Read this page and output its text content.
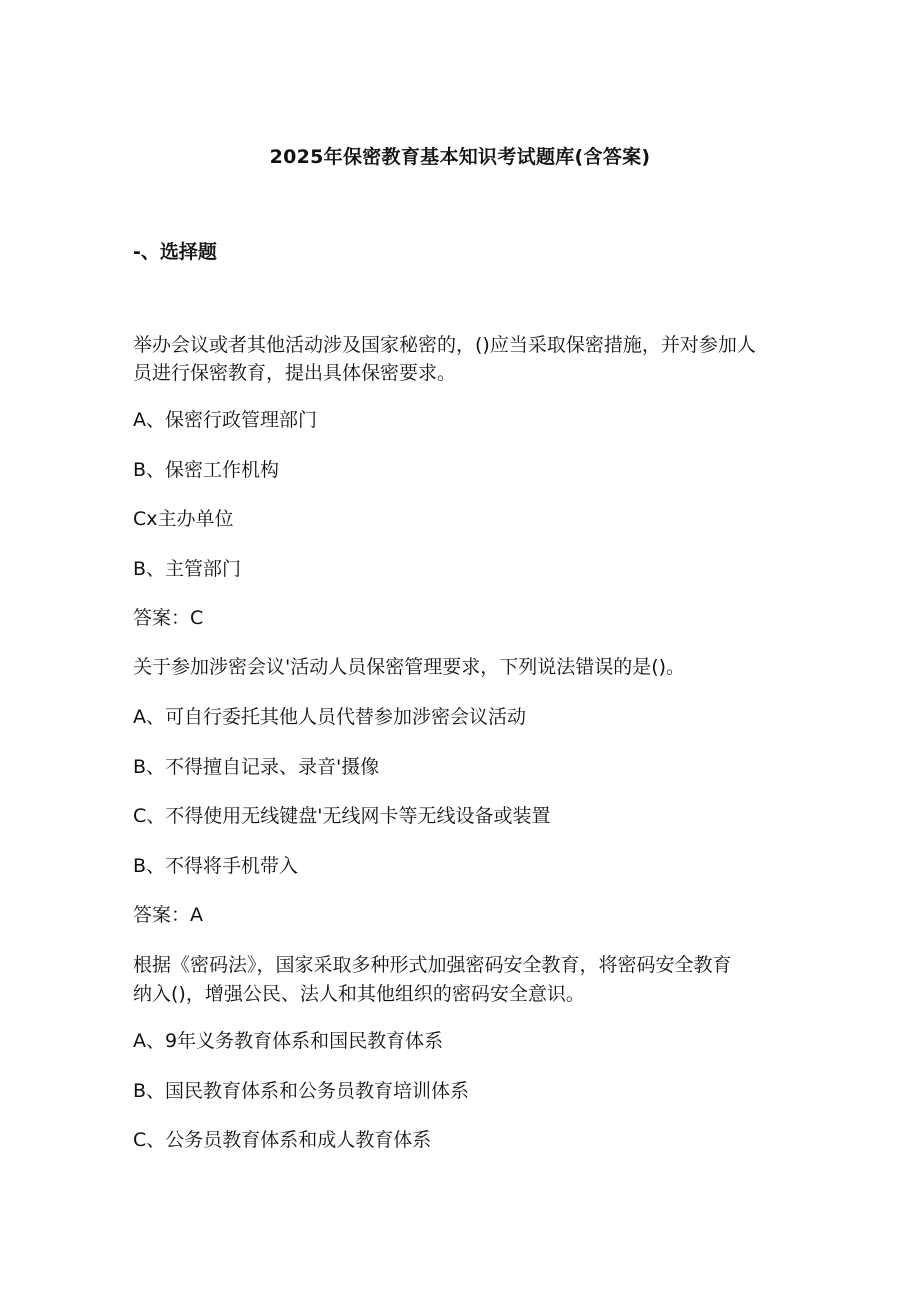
2025年保密教育基本知识考试题库(含答案)
-、选择题
举办会议或者其他活动涉及国家秘密的，()应当采取保密措施，并对参加人
员进行保密教育，提出具体保密要求。
A、保密行政管理部门
B、保密工作机构
Cx主办单位
B、主管部门
答案：C
关于参加涉密会议'活动人员保密管理要求，下列说法错误的是()。
A、可自行委托其他人员代替参加涉密会议活动
B、不得擅自记录、录音'摄像
C、不得使用无线键盘'无线网卡等无线设备或装置
B、不得将手机带入
答案：A
根据《密码法》，国家采取多种形式加强密码安全教育，将密码安全教育
纳入()，增强公民、法人和其他组织的密码安全意识。
A、9年义务教育体系和国民教育体系
B、国民教育体系和公务员教育培训体系
C、公务员教育体系和成人教育体系
